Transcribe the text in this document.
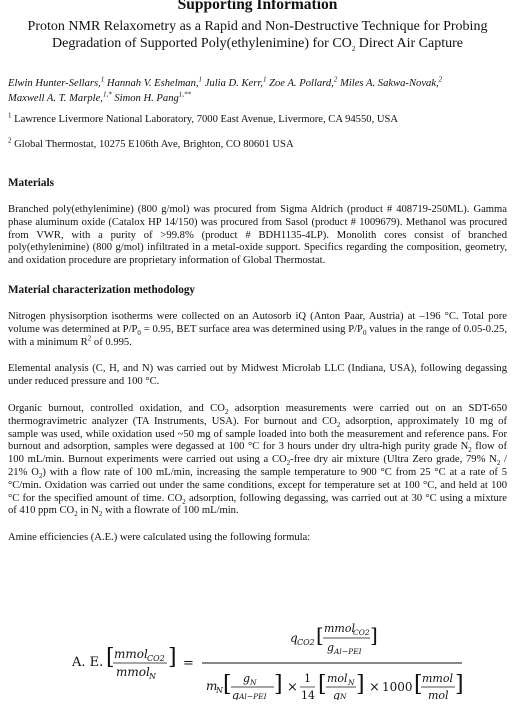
Supporting Information
Proton NMR Relaxometry as a Rapid and Non-Destructive Technique for Probing Degradation of Supported Poly(ethylenimine) for $CO_2$ Direct Air Capture
Elwin Hunter-Sellars,$^1$ Hannah V. Eshelman,$^1$ Julia D. Kerr,$^1$ Zoe A. Pollard,$^2$ Miles A. Sakwa-Novak,$^2$
Maxwell A. T. Marple,$^{1,*}$ Simon H. Pang$^{1,**}$
$^1$ Lawrence Livermore National Laboratory, 7000 East Avenue, Livermore, CA 94550, USA
$^2$ Global Thermostat, 10275 E106th Ave, Brighton, CO 80601 USA
Materials

Branched poly(ethylenimine) (800 g/mol) was procured from Sigma Aldrich (product # 408719-250ML). Gamma phase aluminum oxide (Catalox HP 14/150) was procured from Sasol (product # 1009679). Methanol was procured from VWR, with a purity of >99.8% (product # BDH1135-4LP). Monolith cores consist of branched poly(ethylenimine) (800 g/mol) infiltrated in a metal-oxide support. Specifics regarding the composition, geometry, and oxidation procedure are proprietary information of Global Thermostat.

Material characterization methodology

Nitrogen physisorption isotherms were collected on an Autosorb iQ (Anton Paar, Austria) at –196 °C. Total pore volume was determined at $P/P_0 = 0.95$, BET surface area was determined using $P/P_0$ values in the range of 0.05-0.25, with a minimum $R^2$ of 0.995.

Elemental analysis (C, H, and N) was carried out by Midwest Microlab LLC (Indiana, USA), following degassing under reduced pressure and 100 °C.

Organic burnout, controlled oxidation, and $CO_2$ adsorption measurements were carried out on an SDT-650 thermogravimetric analyzer (TA Instruments, USA). For burnout and $CO_2$ adsorption, approximately 10 mg of sample was used, while oxidation used ~50 mg of sample loaded into both the measurement and reference pans. For burnout and adsorption, samples were degassed at 100 °C for 3 hours under dry ultra-high purity grade $N_2$ flow of 100 mL/min. Burnout experiments were carried out using a $CO_2$-free dry air mixture (Ultra Zero grade, 79% $N_2 / 21\%$ $O_2$) with a flow rate of 100 mL/min, increasing the sample temperature to 900 °C from 25 °C at a rate of 5 °C/min. Oxidation was carried out under the same conditions, except for temperature set at 100 °C, and held at 100 °C for the specified amount of time. $CO_2$ adsorption, following degassing, was carried out at 30 °C using a mixture of 410 ppm $CO_2$ in $N_2$ with a flowrate of 100 mL/min.

Amine efficiencies (A.E.) were calculated using the following formula:

A. E. [ mmol CO2
mmol N
] =
q CO2 [ mmol
CO2
g Al−PEI
]
m
N [ g N
g Al−PEI ] ×
1
14 [ mol N
g N ] × 1000 [ mmol
mol ]
